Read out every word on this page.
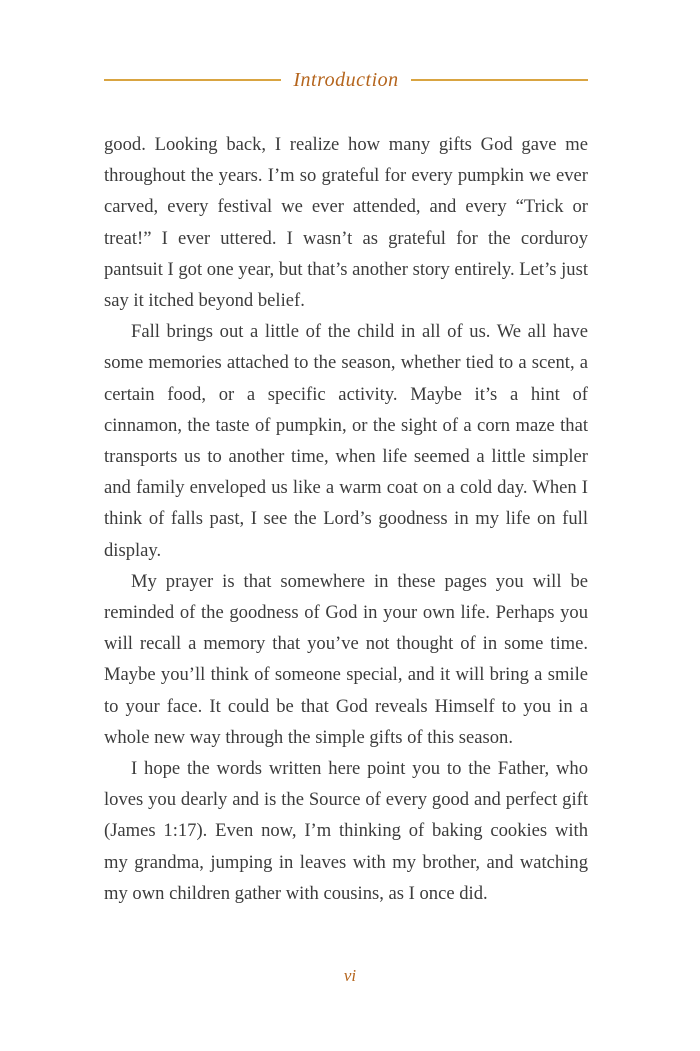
Introduction

good. Looking back, I realize how many gifts God gave me throughout the years. I’m so grateful for every pumpkin we ever carved, every festival we ever attended, and every “Trick or treat!” I ever uttered. I wasn’t as grateful for the corduroy pantsuit I got one year, but that’s another story entirely. Let’s just say it itched beyond belief.

Fall brings out a little of the child in all of us. We all have some memories attached to the season, whether tied to a scent, a certain food, or a specific activity. Maybe it’s a hint of cinnamon, the taste of pumpkin, or the sight of a corn maze that transports us to another time, when life seemed a little simpler and family enveloped us like a warm coat on a cold day. When I think of falls past, I see the Lord’s goodness in my life on full display.

My prayer is that somewhere in these pages you will be reminded of the goodness of God in your own life. Perhaps you will recall a memory that you’ve not thought of in some time. Maybe you’ll think of someone special, and it will bring a smile to your face. It could be that God reveals Himself to you in a whole new way through the simple gifts of this season.

I hope the words written here point you to the Father, who loves you dearly and is the Source of every good and perfect gift (James 1:17). Even now, I’m thinking of baking cookies with my grandma, jumping in leaves with my brother, and watching my own children gather with cousins, as I once did.

vi
